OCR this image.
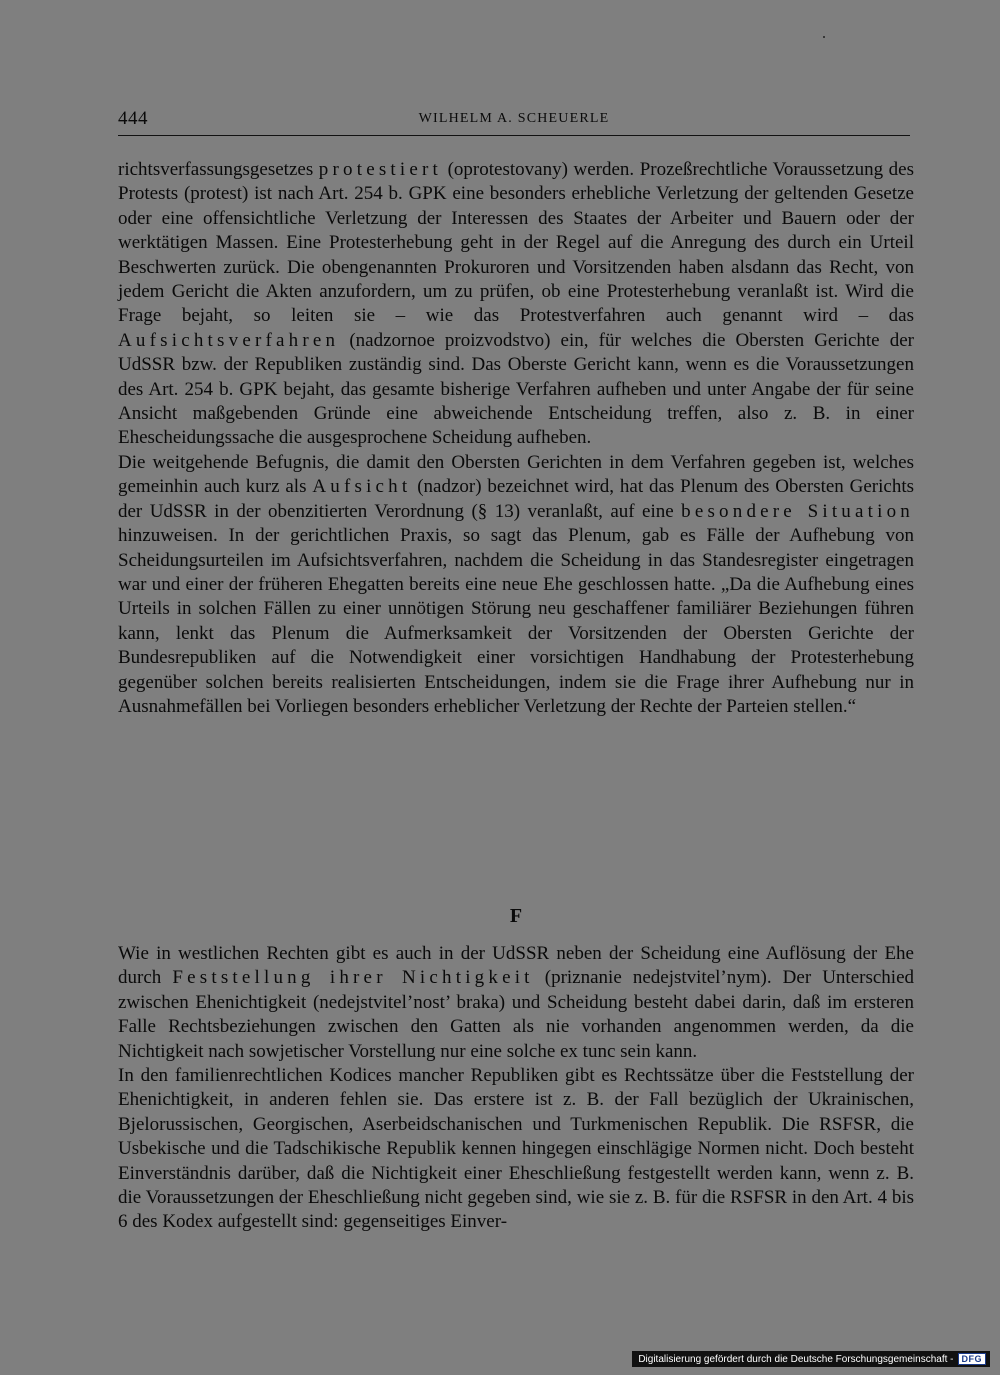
444	WILHELM A. SCHEUERLE

richtsverfassungsgesetzes protestiert (oprotestovany) werden. Prozeßrechtliche Voraussetzung des Protests (protest) ist nach Art. 254 b. GPK eine besonders erhebliche Verletzung der geltenden Gesetze oder eine offensichtliche Verletzung der Interessen des Staates der Arbeiter und Bauern oder der werktätigen Massen. Eine Protesterhebung geht in der Regel auf die Anregung des durch ein Urteil Beschwerten zurück. Die obengenannten Prokuroren und Vorsitzenden haben alsdann das Recht, von jedem Gericht die Akten anzufordern, um zu prüfen, ob eine Protesterhebung veranlaßt ist. Wird die Frage bejaht, so leiten sie – wie das Protestverfahren auch genannt wird – das Aufsichtsverfahren (nadzornoe proizvodstvo) ein, für welches die Obersten Gerichte der UdSSR bzw. der Republiken zuständig sind. Das Oberste Gericht kann, wenn es die Voraussetzungen des Art. 254 b. GPK bejaht, das gesamte bisherige Verfahren aufheben und unter Angabe der für seine Ansicht maßgebenden Gründe eine abweichende Entscheidung treffen, also z. B. in einer Ehescheidungssache die ausgesprochene Scheidung aufheben.

Die weitgehende Befugnis, die damit den Obersten Gerichten in dem Verfahren gegeben ist, welches gemeinhin auch kurz als Aufsicht (nadzor) bezeichnet wird, hat das Plenum des Obersten Gerichts der UdSSR in der obenzitierten Verordnung (§ 13) veranlaßt, auf eine besondere Situation hinzuweisen. In der gerichtlichen Praxis, so sagt das Plenum, gab es Fälle der Aufhebung von Scheidungsurteilen im Aufsichtsverfahren, nachdem die Scheidung in das Standesregister eingetragen war und einer der früheren Ehegatten bereits eine neue Ehe geschlossen hatte. „Da die Aufhebung eines Urteils in solchen Fällen zu einer unnötigen Störung neu geschaffener familiärer Beziehungen führen kann, lenkt das Plenum die Aufmerksamkeit der Vorsitzenden der Obersten Gerichte der Bundesrepubliken auf die Notwendigkeit einer vorsichtigen Handhabung der Protesterhebung gegenüber solchen bereits realisierten Entscheidungen, indem sie die Frage ihrer Aufhebung nur in Ausnahmefällen bei Vorliegen besonders erheblicher Verletzung der Rechte der Parteien stellen.“

F

Wie in westlichen Rechten gibt es auch in der UdSSR neben der Scheidung eine Auflösung der Ehe durch Feststellung ihrer Nichtigkeit (priznanie nedejstvitel’nym). Der Unterschied zwischen Ehenichtigkeit (nedejstvitel’nost’ braka) und Scheidung besteht dabei darin, daß im ersteren Falle Rechtsbeziehungen zwischen den Gatten als nie vorhanden angenommen werden, da die Nichtigkeit nach sowjetischer Vorstellung nur eine solche ex tunc sein kann.

In den familienrechtlichen Kodices mancher Republiken gibt es Rechtssätze über die Feststellung der Ehenichtigkeit, in anderen fehlen sie. Das erstere ist z. B. der Fall bezüglich der Ukrainischen, Bjelorussischen, Georgischen, Aserbeidschanischen und Turkmenischen Republik. Die RSFSR, die Usbekische und die Tadschikische Republik kennen hingegen einschlägige Normen nicht. Doch besteht Einverständnis darüber, daß die Nichtigkeit einer Eheschließung festgestellt werden kann, wenn z. B. die Voraussetzungen der Eheschließung nicht gegeben sind, wie sie z. B. für die RSFSR in den Art. 4 bis 6 des Kodex aufgestellt sind: gegenseitiges Einver-

Digitalisierung gefördert durch die Deutsche Forschungsgemeinschaft - DFG
